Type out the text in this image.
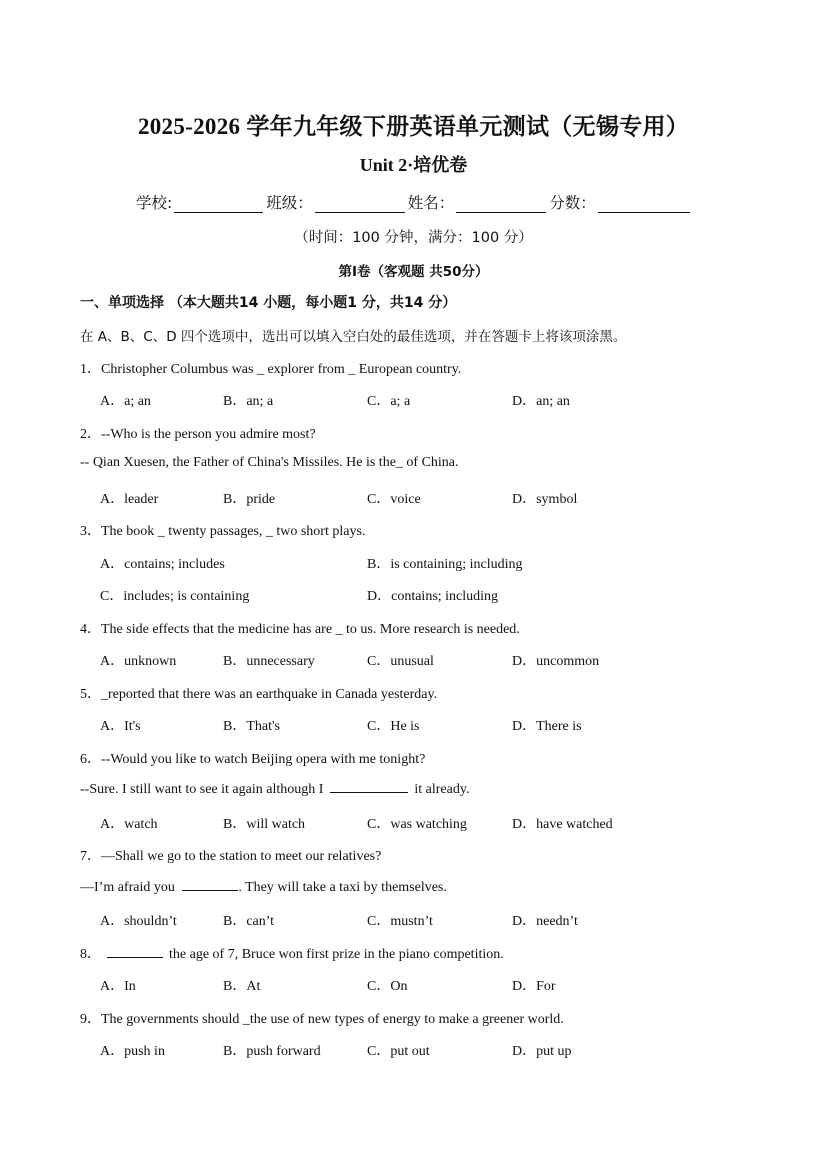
2025-2026 学年九年级下册英语单元测试（无锡专用）
Unit 2·培优卷
学校:	班级：	姓名：	分数：
（时间：100 分钟，满分：100 分）
第Ⅰ卷（客观题 共50分）
一、单项选择 （本大题共14 小题，每小题1 分，共14 分）
在 A、B、C、D 四个选项中，选出可以填入空白处的最佳选项，并在答题卡上将该项涂黑。
1．Christopher Columbus was _ explorer from _ European country.
A．a; an	B．an; a	C．a; a	D．an; an
2．--Who is the person you admire most?
-- Qian Xuesen, the Father of China's Missiles. He is the_ of China.
A．leader	B．pride	C．voice	D．symbol
3．The book _ twenty passages, _ two short plays.
A．contains; includes	B．is containing; including
C．includes; is containing	D．contains; including
4．The side effects that the medicine has are _ to us. More research is needed.
A．unknown	B．unnecessary	C．unusual	D．uncommon
5．_reported that there was an earthquake in Canada yesterday.
A．It's	B．That's	C．He is	D．There is
6．--Would you like to watch Beijing opera with me tonight?
--Sure. I still want to see it again although I	it already.
A．watch	B．will watch	C．was watching	D．have watched
7．—Shall we go to the station to meet our relatives?
—I’m afraid you	. They will take a taxi by themselves.
A．shouldn’t	B．can’t	C．mustn’t	D．needn’t
8．	the age of 7, Bruce won first prize in the piano competition.
A．In	B．At	C．On	D．For
9．The governments should _the use of new types of energy to make a greener world.
A．push in	B．push forward	C．put out	D．put up
